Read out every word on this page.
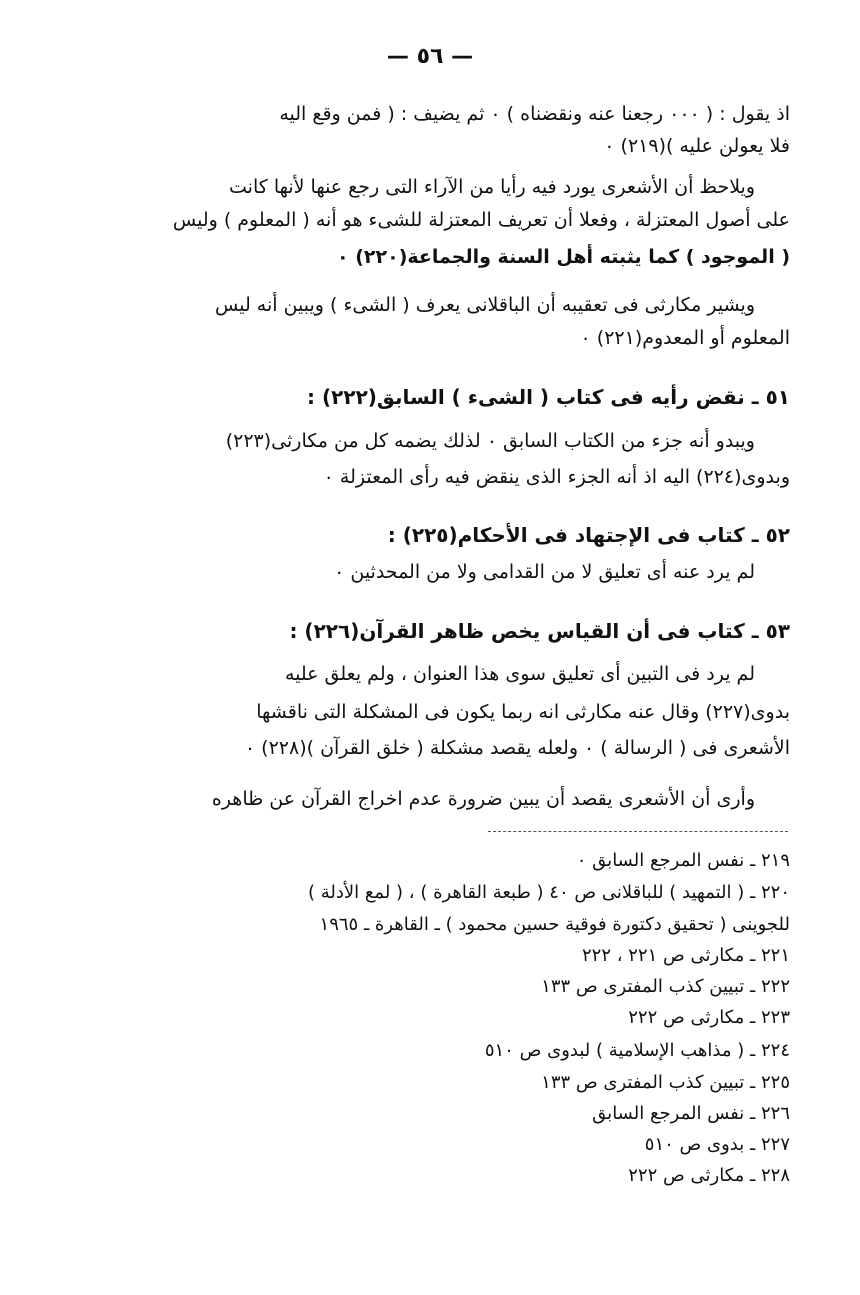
— ٥٦ —
اذ يقول : ( ٠٠٠ رجعنا عنه ونقضناه ) ٠ ثم يضيف : ( فمن وقع اليه
فلا يعولن عليه )(٢١٩) ٠
ويلاحظ أن الأشعرى يورد فيه رأيا من الآراء التى رجع عنها لأنها كانت
على أصول المعتزلة ، وفعلا أن تعريف المعتزلة للشىء هو أنه ( المعلوم ) وليس
( الموجود ) كما يثبته أهل السنة والجماعة(٢٢٠) ٠
ويشير مكارثى فى تعقيبه أن الباقلانى يعرف ( الشىء ) ويبين أنه ليس
المعلوم أو المعدوم(٢٢١) ٠
٥١ ـ نقض رأيه فى كتاب ( الشىء ) السابق(٢٢٢) :
ويبدو أنه جزء من الكتاب السابق ٠ لذلك يضمه كل من مكارثى(٢٢٣)
وبدوى(٢٢٤) اليه اذ أنه الجزء الذى ينقض فيه رأى المعتزلة ٠
٥٢ ـ كتاب فى الإجتهاد فى الأحكام(٢٢٥) :
لم يرد عنه أى تعليق لا من القدامى ولا من المحدثين ٠
٥٣ ـ كتاب فى أن القياس يخص ظاهر القرآن(٢٢٦) :
لم يرد فى التبين أى تعليق سوى هذا العنوان ، ولم يعلق عليه
بدوى(٢٢٧) وقال عنه مكارثى انه ربما يكون فى المشكلة التى ناقشها
الأشعرى فى ( الرسالة ) ٠ ولعله يقصد مشكلة ( خلق القرآن )(٢٢٨) ٠
وأرى أن الأشعرى يقصد أن يبين ضرورة عدم اخراج القرآن عن ظاهره
٢١٩ ـ نفس المرجع السابق ٠
٢٢٠ ـ ( التمهيد ) للباقلانى ص ٤٠ ( طبعة القاهرة ) ، ( لمع الأدلة )
للجوينى ( تحقيق دكتورة فوقية حسين محمود ) ـ القاهرة ـ ١٩٦٥
٢٢١ ـ مكارثى ص ٢٢١ ، ٢٢٢
٢٢٢ ـ تبيين كذب المفترى ص ١٣٣
٢٢٣ ـ مكارثى ص ٢٢٢
٢٢٤ ـ ( مذاهب الإسلامية ) لبدوى ص ٥١٠
٢٢٥ ـ تبيين كذب المفترى ص ١٣٣
٢٢٦ ـ نفس المرجع السابق
٢٢٧ ـ بدوى ص ٥١٠
٢٢٨ ـ مكارثى ص ٢٢٢
